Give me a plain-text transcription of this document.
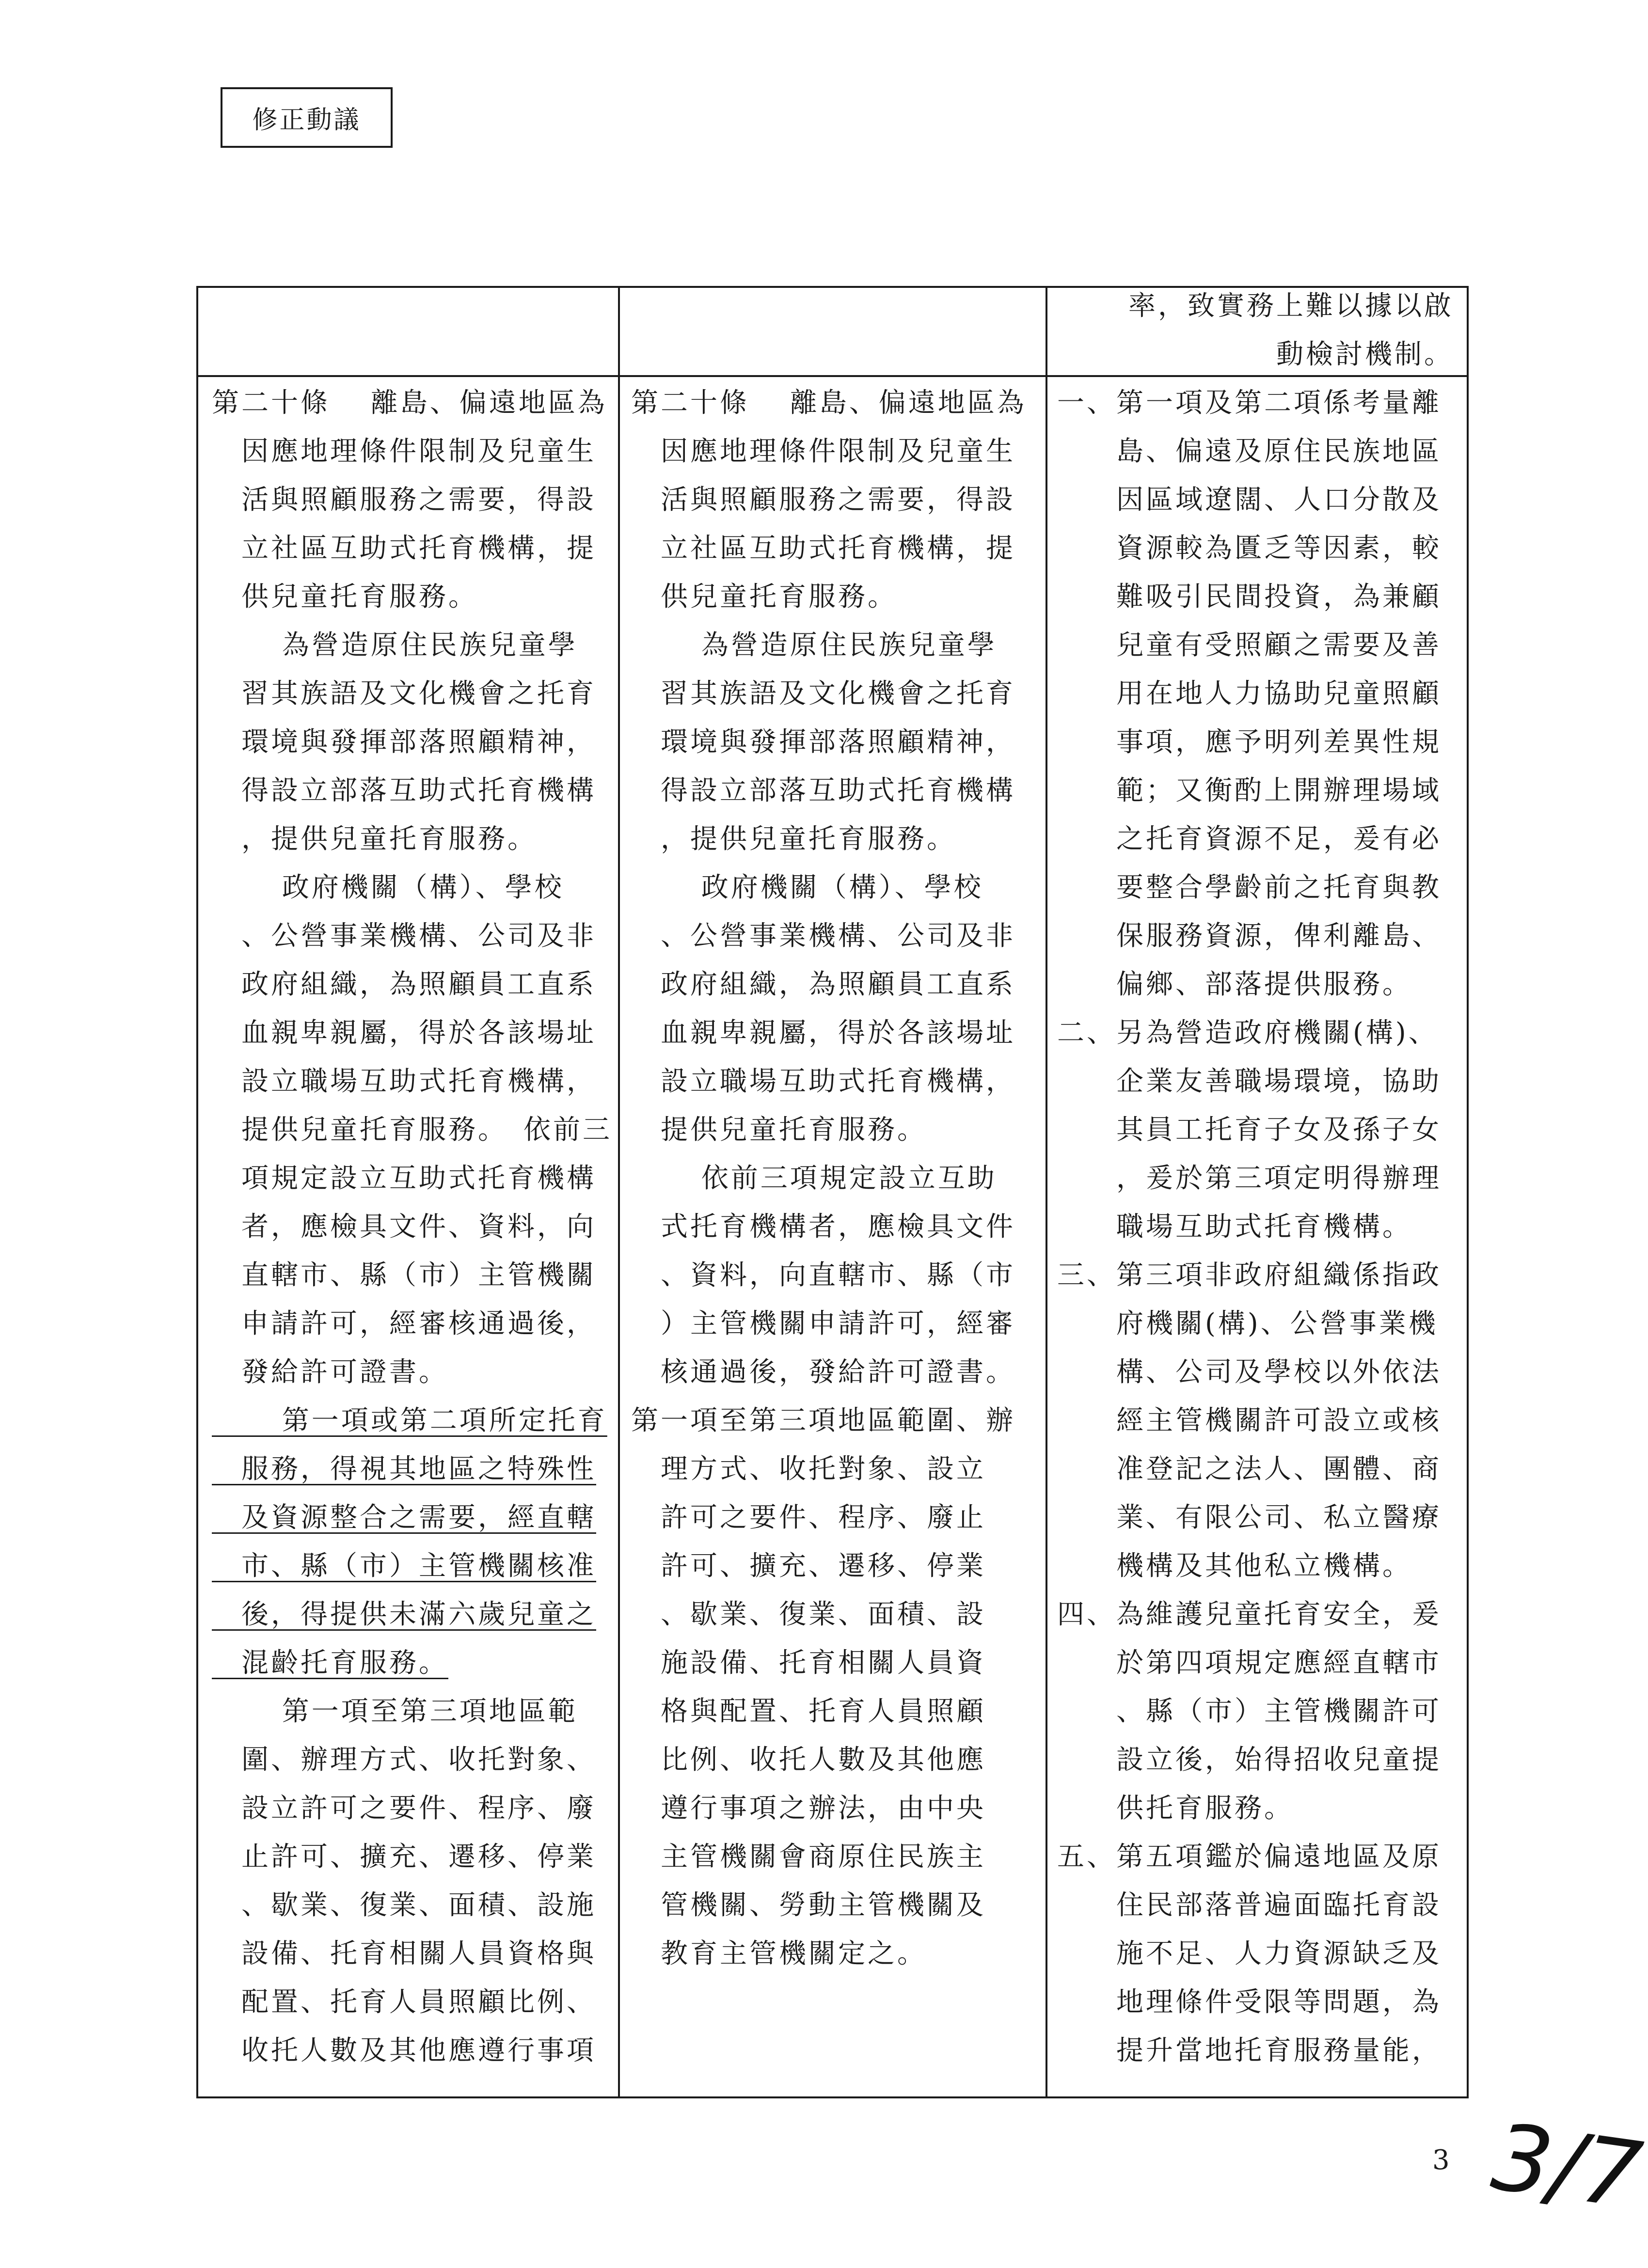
修正動議

率，致實務上難以據以啟

動檢討機制。

第二十條　 離島、偏遠地區為

　因應地理條件限制及兒童生

　活與照顧服務之需要，得設

　立社區互助式托育機構，提

　供兒童托育服務。

　　 為營造原住民族兒童學

　習其族語及文化機會之托育

　環境與發揮部落照顧精神，

　得設立部落互助式托育機構

　，提供兒童托育服務。

　　 政府機關（構）、學校

　、公營事業機構、公司及非

　政府組織，為照顧員工直系

　血親卑親屬，得於各該場址

　設立職場互助式托育機構，

　提供兒童托育服務。　依前三

　項規定設立互助式托育機構

　者，應檢具文件、資料，向

　直轄市、縣（市）主管機關

　申請許可，經審核通過後，

　發給許可證書。

　　 第一項或第二項所定托育

　服務，得視其地區之特殊性

　及資源整合之需要，經直轄

　市、縣（市）主管機關核准

　後，得提供未滿六歲兒童之

　混齡托育服務。

　　 第一項至第三項地區範

　圍、辦理方式、收托對象、

　設立許可之要件、程序、廢

　止許可、擴充、遷移、停業

　、歇業、復業、面積、設施

　設備、托育相關人員資格與

　配置、托育人員照顧比例、

　收托人數及其他應遵行事項

第二十條　 離島、偏遠地區為

　因應地理條件限制及兒童生

　活與照顧服務之需要，得設

　立社區互助式托育機構，提

　供兒童托育服務。

　　 為營造原住民族兒童學

　習其族語及文化機會之托育

　環境與發揮部落照顧精神，

　得設立部落互助式托育機構

　，提供兒童托育服務。

　　 政府機關（構）、學校

　、公營事業機構、公司及非

　政府組織，為照顧員工直系

　血親卑親屬，得於各該場址

　設立職場互助式托育機構，

　提供兒童托育服務。

　　 依前三項規定設立互助

　式托育機構者，應檢具文件

　、資料，向直轄市、縣（市

　）主管機關申請許可，經審

　核通過後，發給許可證書。

第一項至第三項地區範圍、辦

　理方式、收托對象、設立

　許可之要件、程序、廢止

　許可、擴充、遷移、停業

　、歇業、復業、面積、設

　施設備、托育相關人員資

　格與配置、托育人員照顧

　比例、收托人數及其他應

　遵行事項之辦法，由中央

　主管機關會商原住民族主

　管機關、勞動主管機關及

　教育主管機關定之。

一、第一項及第二項係考量離

　　島、偏遠及原住民族地區

　　因區域遼闊、人口分散及

　　資源較為匱乏等因素，較

　　難吸引民間投資，為兼顧

　　兒童有受照顧之需要及善

　　用在地人力協助兒童照顧

　　事項，應予明列差異性規

　　範；又衡酌上開辦理場域

　　之托育資源不足，爰有必

　　要整合學齡前之托育與教

　　保服務資源，俾利離島、

　　偏鄉、部落提供服務。

二、另為營造政府機關(構)、

　　企業友善職場環境，協助

　　其員工托育子女及孫子女

　　，爰於第三項定明得辦理

　　職場互助式托育機構。

三、第三項非政府組織係指政

　　府機關(構)、公營事業機

　　構、公司及學校以外依法

　　經主管機關許可設立或核

　　准登記之法人、團體、商

　　業、有限公司、私立醫療

　　機構及其他私立機構。

四、為維護兒童托育安全，爰

　　於第四項規定應經直轄市

　　、縣（市）主管機關許可

　　設立後，始得招收兒童提

　　供托育服務。

五、第五項鑑於偏遠地區及原

　　住民部落普遍面臨托育設

　　施不足、人力資源缺乏及

　　地理條件受限等問題，為

　　提升當地托育服務量能，

3 3/7
